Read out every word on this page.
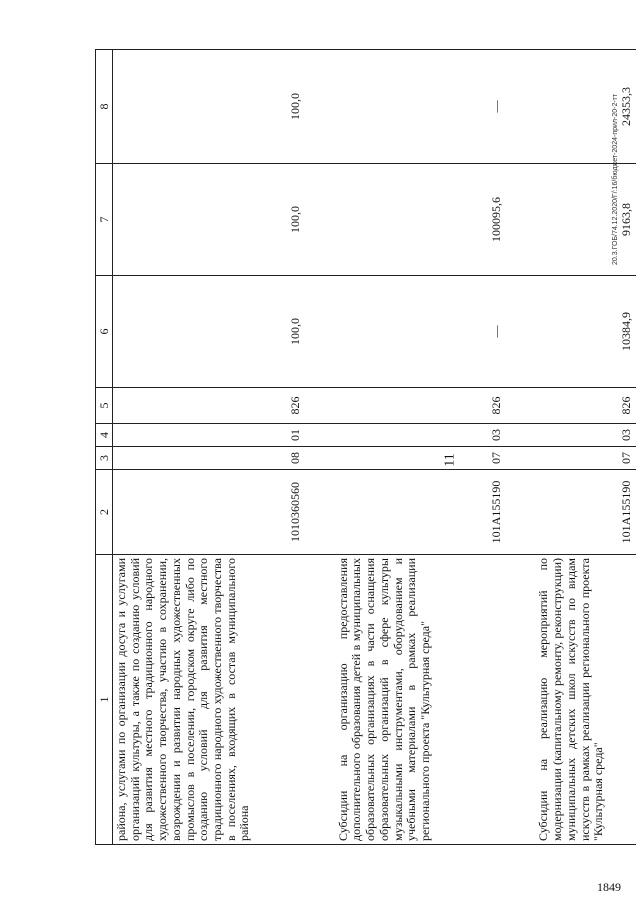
11
1	2	3	4	5	6	7	8
района, услугами по организации досуга и услугами организаций культуры, а также по созданию условий для развития местного традиционного народного художественного творчества, участию в сохранении, возрождении и развитии народных художественных промыслов в поселении, городском округе либо по созданию условий для развития местного традиционного народного художественного творчества в поселениях, входящих в состав муниципального района	1010360560	08	01	826	100,0	100,0	100,0

Субсидии на организацию предоставления дополнительного образования детей в муниципальных образовательных организациях в части оснащения образовательных организаций в сфере культуры музыкальными инструментами, оборудованием и учебными материалами в рамках реализации регионального проекта "Культурная среда"	101A155190	07	03	826	—	100095,6	—

Субсидии на реализацию мероприятий по модернизации (капитальному ремонту, реконструкции) муниципальных детских школ искусств по видам искусств в рамках реализации регионального проекта "Культурная среда"	101A155190	07	03	826	10384,9	9163,8	24353,3
20.3.ГОБ/74.12.2020/Г/:16/бюджет-2024-прил-20-2-тт
1849
